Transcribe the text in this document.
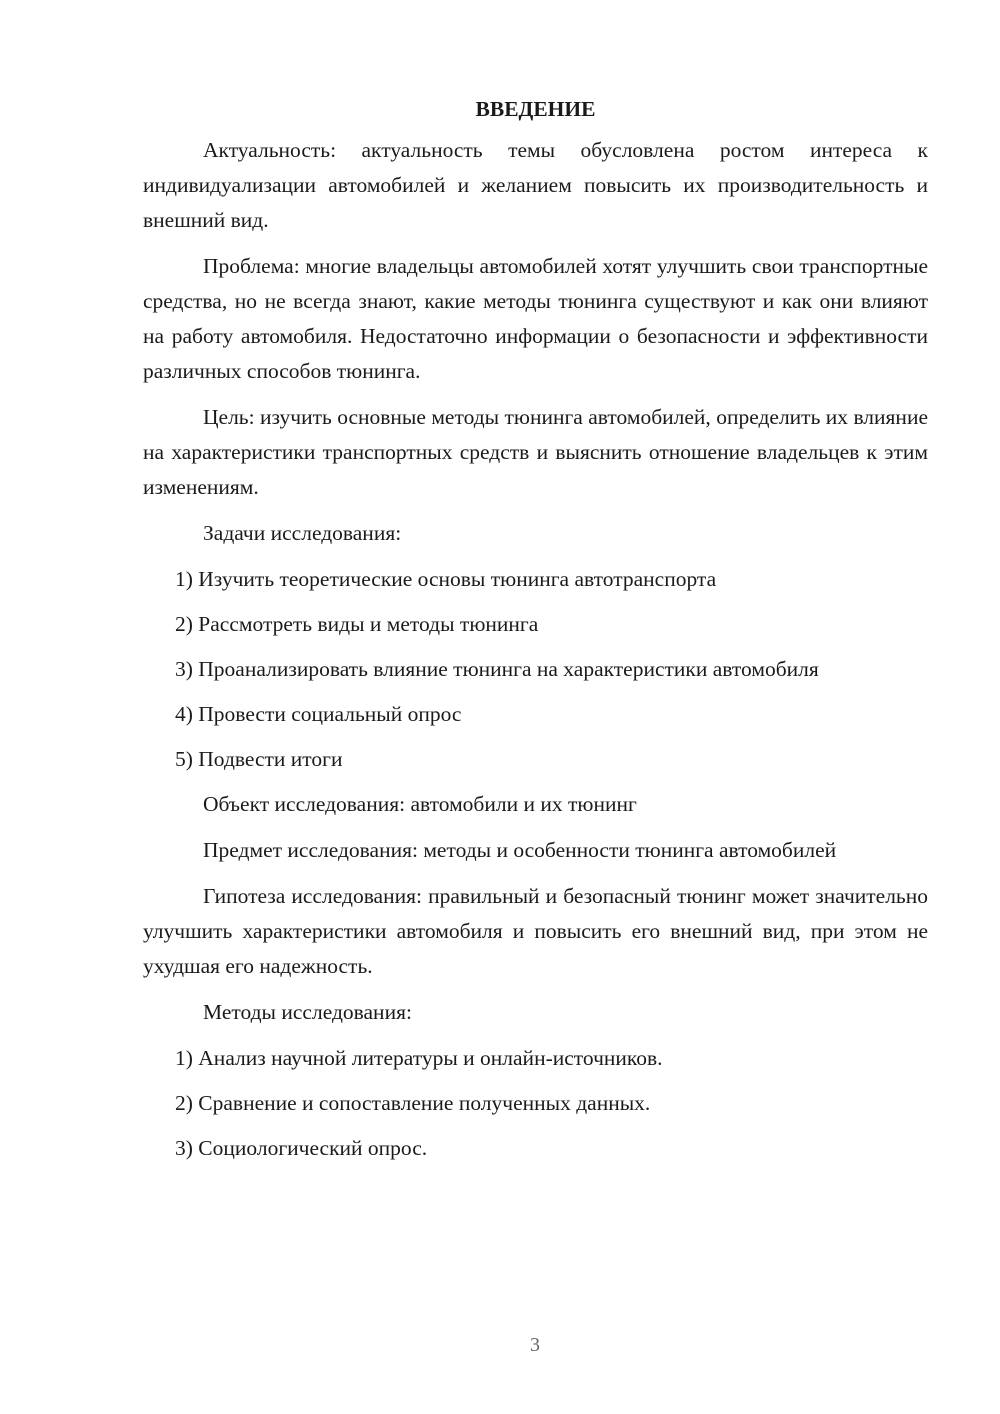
ВВЕДЕНИЕ

Актуальность: актуальность темы обусловлена ростом интереса к индивидуализации автомобилей и желанием повысить их производительность и внешний вид.

Проблема: многие владельцы автомобилей хотят улучшить свои транспортные средства, но не всегда знают, какие методы тюнинга существуют и как они влияют на работу автомобиля. Недостаточно информации о безопасности и эффективности различных способов тюнинга.

Цель: изучить основные методы тюнинга автомобилей, определить их влияние на характеристики транспортных средств и выяснить отношение владельцев к этим изменениям.

Задачи исследования:

1) Изучить теоретические основы тюнинга автотранспорта

2) Рассмотреть виды и методы тюнинга

3) Проанализировать влияние тюнинга на характеристики автомобиля

4) Провести социальный опрос

5) Подвести итоги

Объект исследования: автомобили и их тюнинг

Предмет исследования: методы и особенности тюнинга автомобилей

Гипотеза исследования: правильный и безопасный тюнинг может значительно улучшить характеристики автомобиля и повысить его внешний вид, при этом не ухудшая его надежность.

Методы исследования:

1) Анализ научной литературы и онлайн-источников.

2) Сравнение и сопоставление полученных данных.

3) Социологический опрос.

3
